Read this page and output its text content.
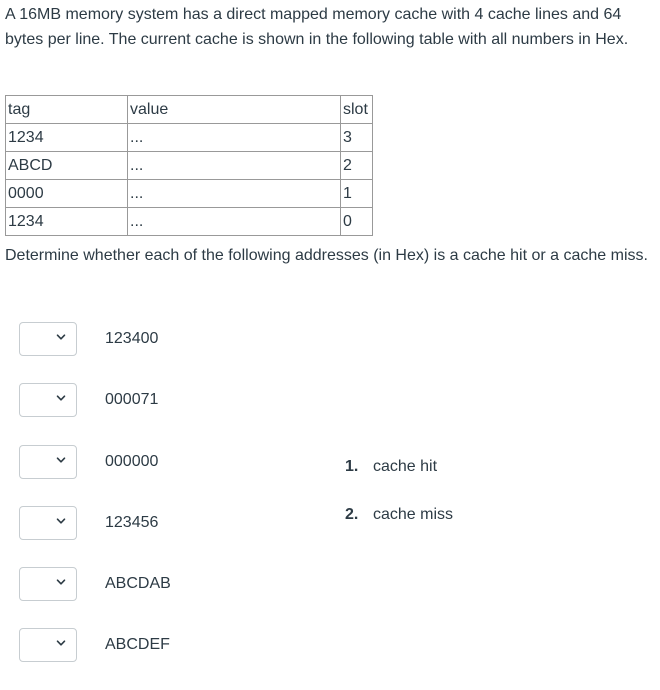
A 16MB memory system has a direct mapped memory cache with 4 cache lines and 64 bytes per line. The current cache is shown in the following table with all numbers in Hex.

tag	value	slot
1234	...	3
ABCD	...	2
0000	...	1
1234	...	0

Determine whether each of the following addresses (in Hex) is a cache hit or a cache miss.

123400
000071
000000
123456
ABCDAB
ABCDEF
1. cache hit
2. cache miss
